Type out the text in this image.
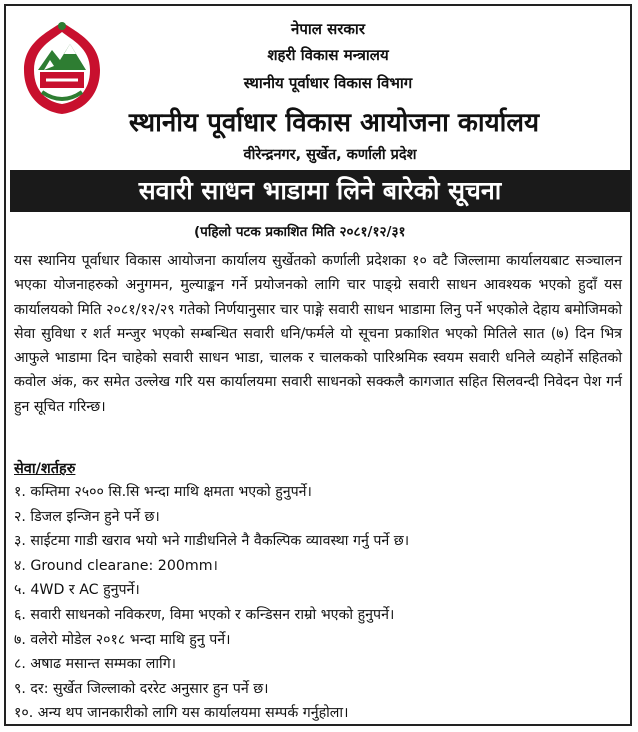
नेपाल सरकार
शहरी विकास मन्त्रालय
स्थानीय पूर्वाधार विकास विभाग
स्थानीय पूर्वाधार विकास आयोजना कार्यालय
वीरेन्द्रनगर, सुर्खेत, कर्णाली प्रदेश
सवारी साधन भाडामा लिने बारेको सूचना
(पहिलो पटक प्रकाशित मिति २०८१/१२/३१

यस स्थानिय पूर्वाधार विकास आयोजना कार्यालय सुर्खेतको कर्णाली प्रदेशका १० वटै जिल्लामा कार्यालयबाट सञ्चालन भएका योजनाहरुको अनुगमन, मुल्याङ्कन गर्ने प्रयोजनको लागि चार पाङ्ग्रे सवारी साधन आवश्यक भएको हुदाँ यस कार्यालयको मिति २०८१/१२/२९ गतेको निर्णयानुसार चार पाङ्गे सवारी साधन भाडामा लिनु पर्ने भएकोले देहाय बमोजिमको सेवा सुविधा र शर्त मन्जुर भएको सम्बन्धित सवारी धनि/फर्मले यो सूचना प्रकाशित भएको मितिले सात (७) दिन भित्र आफुले भाडामा दिन चाहेको सवारी साधन भाडा, चालक र चालकको पारिश्रमिक स्वयम सवारी धनिले व्यहोर्ने सहितको कवोल अंक, कर समेत उल्लेख गरि यस कार्यालयमा सवारी साधनको सक्कलै कागजात सहित सिलवन्दी निवेदन पेश गर्न हुन सूचित गरिन्छ।

सेवा/शर्तहरु
१. कम्तिमा २५०० सि.सि भन्दा माथि क्षमता भएको हुनुपर्ने।
२. डिजल इन्जिन हुने पर्ने छ।
३. साईटमा गाडी खराव भयो भने गाडीधनिले नै वैकल्पिक व्यावस्था गर्नु पर्ने छ।
४. Ground clearane: 200mm।
५. 4WD र AC हुनुपर्ने।
६. सवारी साधनको नविकरण, विमा भएको र कन्डिसन राम्रो भएको हुनुपर्ने।
७. वलेरो मोडेल २०१८ भन्दा माथि हुनु पर्ने।
८. अषाढ मसान्त सम्मका लागि।
९. दर: सुर्खेत जिल्लाको दररेट अनुसार हुन पर्ने छ।
१०. अन्य थप जानकारीको लागि यस कार्यालयमा सम्पर्क गर्नुहोला।
